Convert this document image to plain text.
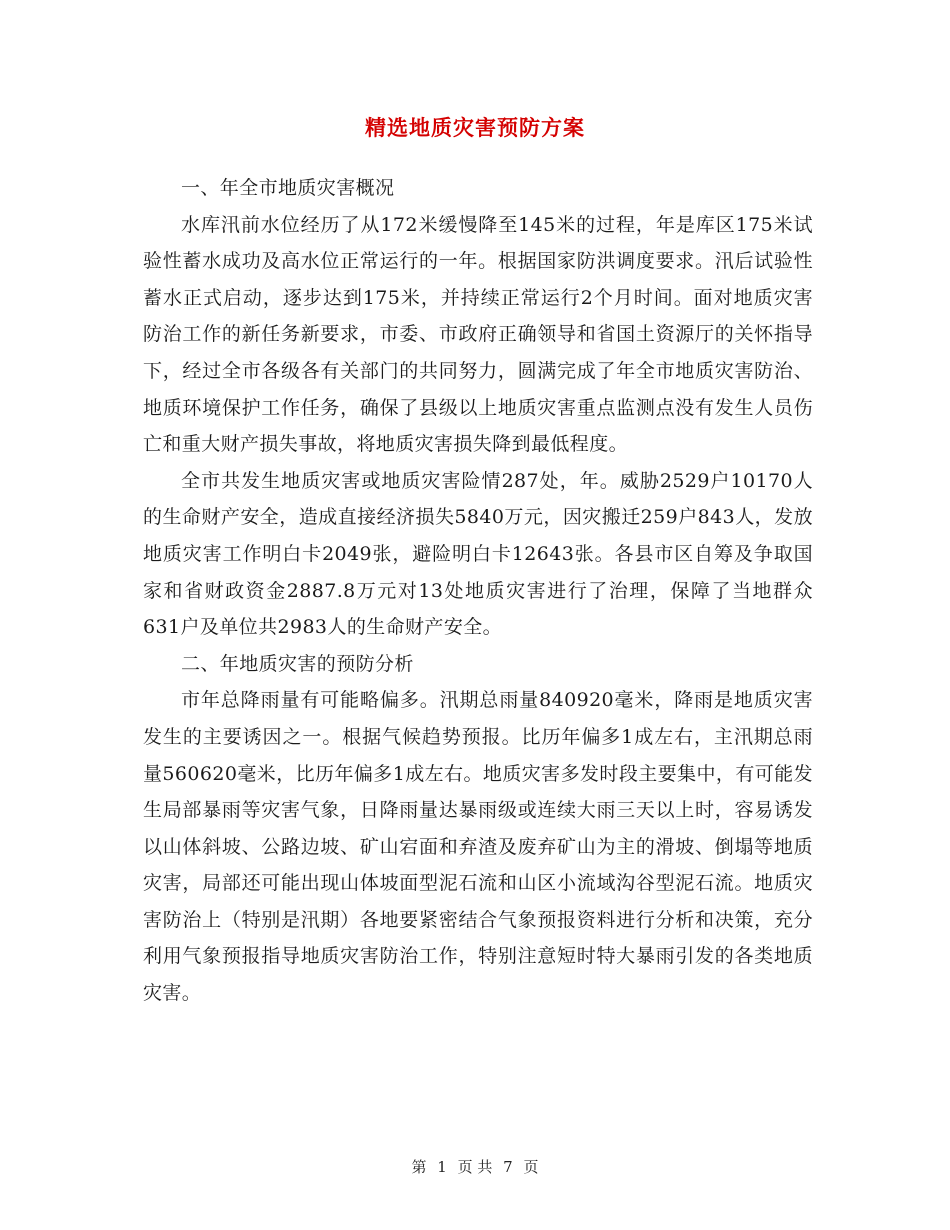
精选地质灾害预防方案

一、年全市地质灾害概况

水库汛前水位经历了从172米缓慢降至145米的过程，年是库区175米试验性蓄水成功及高水位正常运行的一年。根据国家防洪调度要求。汛后试验性蓄水正式启动，逐步达到175米，并持续正常运行2个月时间。面对地质灾害防治工作的新任务新要求，市委、市政府正确领导和省国土资源厅的关怀指导下，经过全市各级各有关部门的共同努力，圆满完成了年全市地质灾害防治、地质环境保护工作任务，确保了县级以上地质灾害重点监测点没有发生人员伤亡和重大财产损失事故，将地质灾害损失降到最低程度。

全市共发生地质灾害或地质灾害险情287处，年。威胁2529户10170人的生命财产安全，造成直接经济损失5840万元，因灾搬迁259户843人，发放地质灾害工作明白卡2049张，避险明白卡12643张。各县市区自筹及争取国家和省财政资金2887.8万元对13处地质灾害进行了治理，保障了当地群众631户及单位共2983人的生命财产安全。

二、年地质灾害的预防分析

市年总降雨量有可能略偏多。汛期总雨量840920毫米，降雨是地质灾害发生的主要诱因之一。根据气候趋势预报。比历年偏多1成左右，主汛期总雨量560620毫米，比历年偏多1成左右。地质灾害多发时段主要集中，有可能发生局部暴雨等灾害气象，日降雨量达暴雨级或连续大雨三天以上时，容易诱发以山体斜坡、公路边坡、矿山宕面和弃渣及废弃矿山为主的滑坡、倒塌等地质灾害，局部还可能出现山体坡面型泥石流和山区小流域沟谷型泥石流。地质灾害防治上（特别是汛期）各地要紧密结合气象预报资料进行分析和决策，充分利用气象预报指导地质灾害防治工作，特别注意短时特大暴雨引发的各类地质灾害。

第 1 页 共 7 页
